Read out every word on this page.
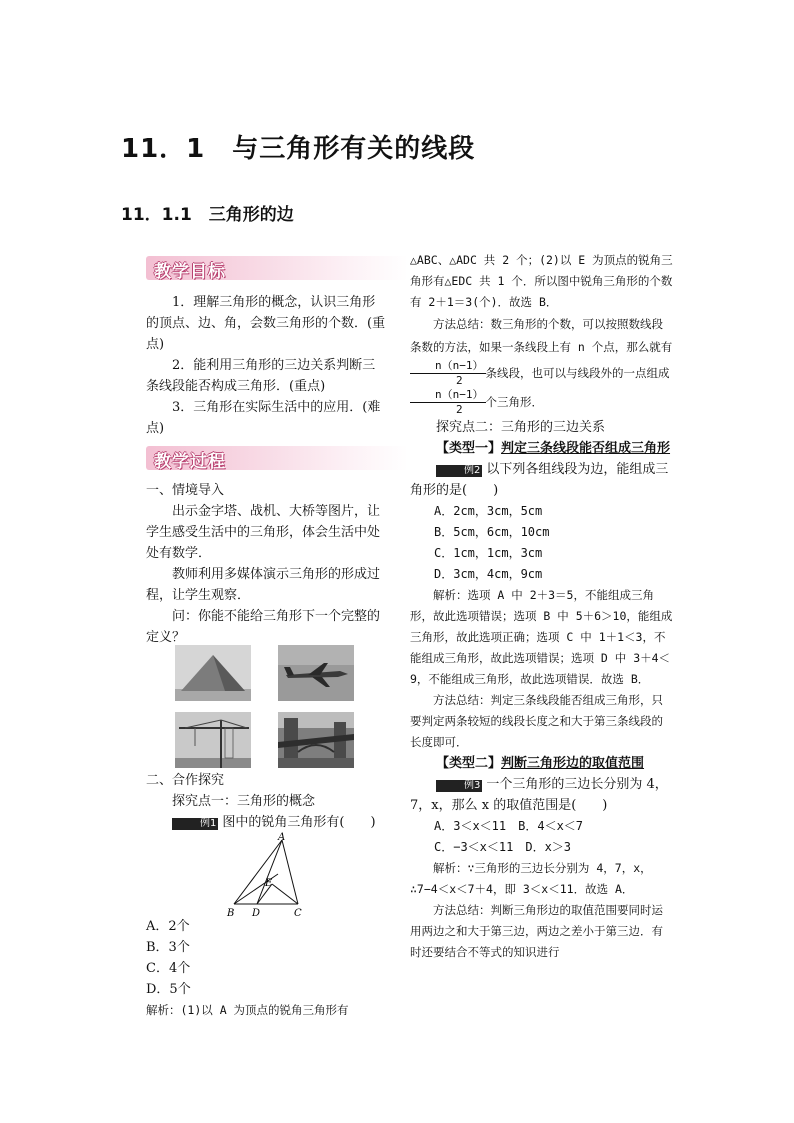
11．1　与三角形有关的线段
11．1.1　三角形的边
教学目标

1．理解三角形的概念，认识三角形的顶点、边、角，会数三角形的个数．(重点)

2．能利用三角形的三边关系判断三条线段能否构成三角形．(重点)

3．三角形在实际生活中的应用．(难点)

教学过程

一、情境导入

出示金字塔、战机、大桥等图片，让学生感受生活中的三角形，体会生活中处处有数学．

教师利用多媒体演示三角形的形成过程，让学生观察．

问：你能不能给三角形下一个完整的定义？

二、合作探究

探究点一：三角形的概念

例1 图中的锐角三角形有(　　)

A
B D	C
E

A．2个

B．3个

C．4个

D．5个

解析：(1)以 A 为顶点的锐角三角形有

△ABC、△ADC 共 2 个；(2)以 E 为顶点的锐角三角形有△EDC 共 1 个．所以图中锐角三角形的个数有 2＋1＝3(个)．故选 B．

方法总结：数三角形的个数，可以按照数线段条数的方法，如果一条线段上有 n 个点，那么就有
$\frac{n(n-1)}{2}$ 条线段，也可以与线段外的一点组成
$\frac{n(n-1)}{2}$ 个三角形．

探究点二：三角形的三边关系

【类型一】判定三条线段能否组成三角形

例2 以下列各组线段为边，能组成三角形的是(　　)

A．2cm，3cm，5cm

B．5cm，6cm，10cm

C．1cm，1cm，3cm

D．3cm，4cm，9cm

解析：选项 A 中 2＋3＝5，不能组成三角形，故此选项错误；选项 B 中 5＋6＞10，能组成三角形，故此选项正确；选项 C 中 1＋1＜3，不能组成三角形，故此选项错误；选项 D 中 3＋4＜9，不能组成三角形，故此选项错误．故选 B．

方法总结：判定三条线段能否组成三角形，只要判定两条较短的线段长度之和大于第三条线段的长度即可．

【类型二】判断三角形边的取值范围

例3 一个三角形的三边长分别为 4，7，x，那么 x 的取值范围是(　　)

A．3＜x＜11　B．4＜x＜7

C．−3＜x＜11　D．x＞3

解析：∵三角形的三边长分别为 4，7，x，∴7−4＜x＜7＋4，即 3＜x＜11．故选 A．

方法总结：判断三角形边的取值范围要同时运用两边之和大于第三边，两边之差小于第三边．有时还要结合不等式的知识进行
